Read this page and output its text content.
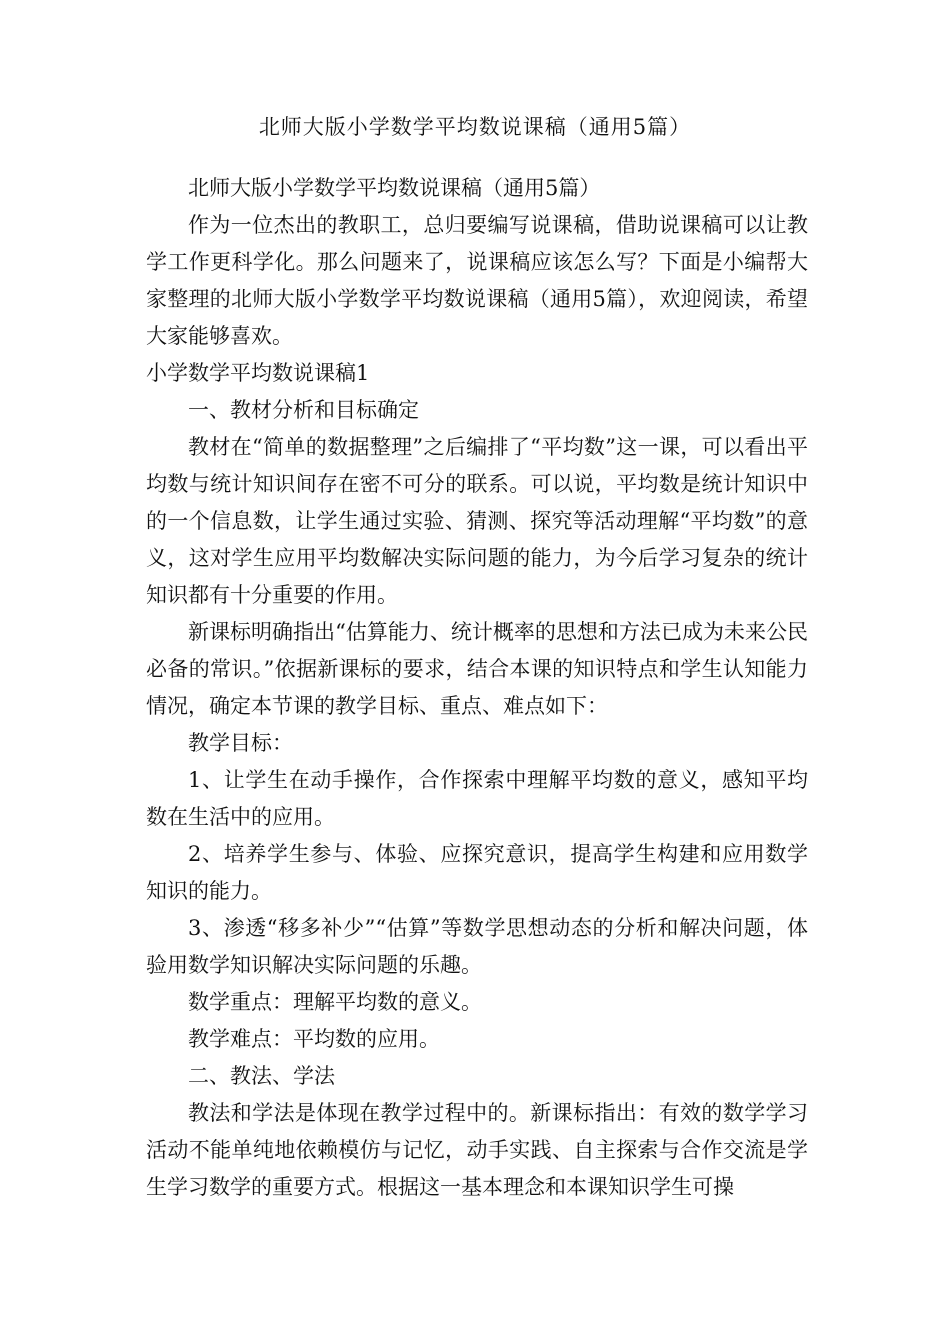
北师大版小学数学平均数说课稿（通用5篇）

北师大版小学数学平均数说课稿（通用5篇）

作为一位杰出的教职工，总归要编写说课稿，借助说课稿可以让教学工作更科学化。那么问题来了，说课稿应该怎么写？下面是小编帮大家整理的北师大版小学数学平均数说课稿（通用5篇），欢迎阅读，希望大家能够喜欢。

小学数学平均数说课稿1

一、教材分析和目标确定

教材在“简单的数据整理”之后编排了“平均数”这一课，可以看出平均数与统计知识间存在密不可分的联系。可以说，平均数是统计知识中的一个信息数，让学生通过实验、猜测、探究等活动理解“平均数”的意义，这对学生应用平均数解决实际问题的能力，为今后学习复杂的统计知识都有十分重要的作用。

新课标明确指出“估算能力、统计概率的思想和方法已成为未来公民必备的常识。”依据新课标的要求，结合本课的知识特点和学生认知能力情况，确定本节课的教学目标、重点、难点如下：

教学目标：

1、让学生在动手操作，合作探索中理解平均数的意义，感知平均数在生活中的应用。

2、培养学生参与、体验、应探究意识，提高学生构建和应用数学知识的能力。

3、渗透“移多补少”“估算”等数学思想动态的分析和解决问题，体验用数学知识解决实际问题的乐趣。

数学重点：理解平均数的意义。

教学难点：平均数的应用。

二、教法、学法

教法和学法是体现在教学过程中的。新课标指出：有效的数学学习活动不能单纯地依赖模仿与记忆，动手实践、自主探索与合作交流是学生学习数学的重要方式。根据这一基本理念和本课知识学生可操
